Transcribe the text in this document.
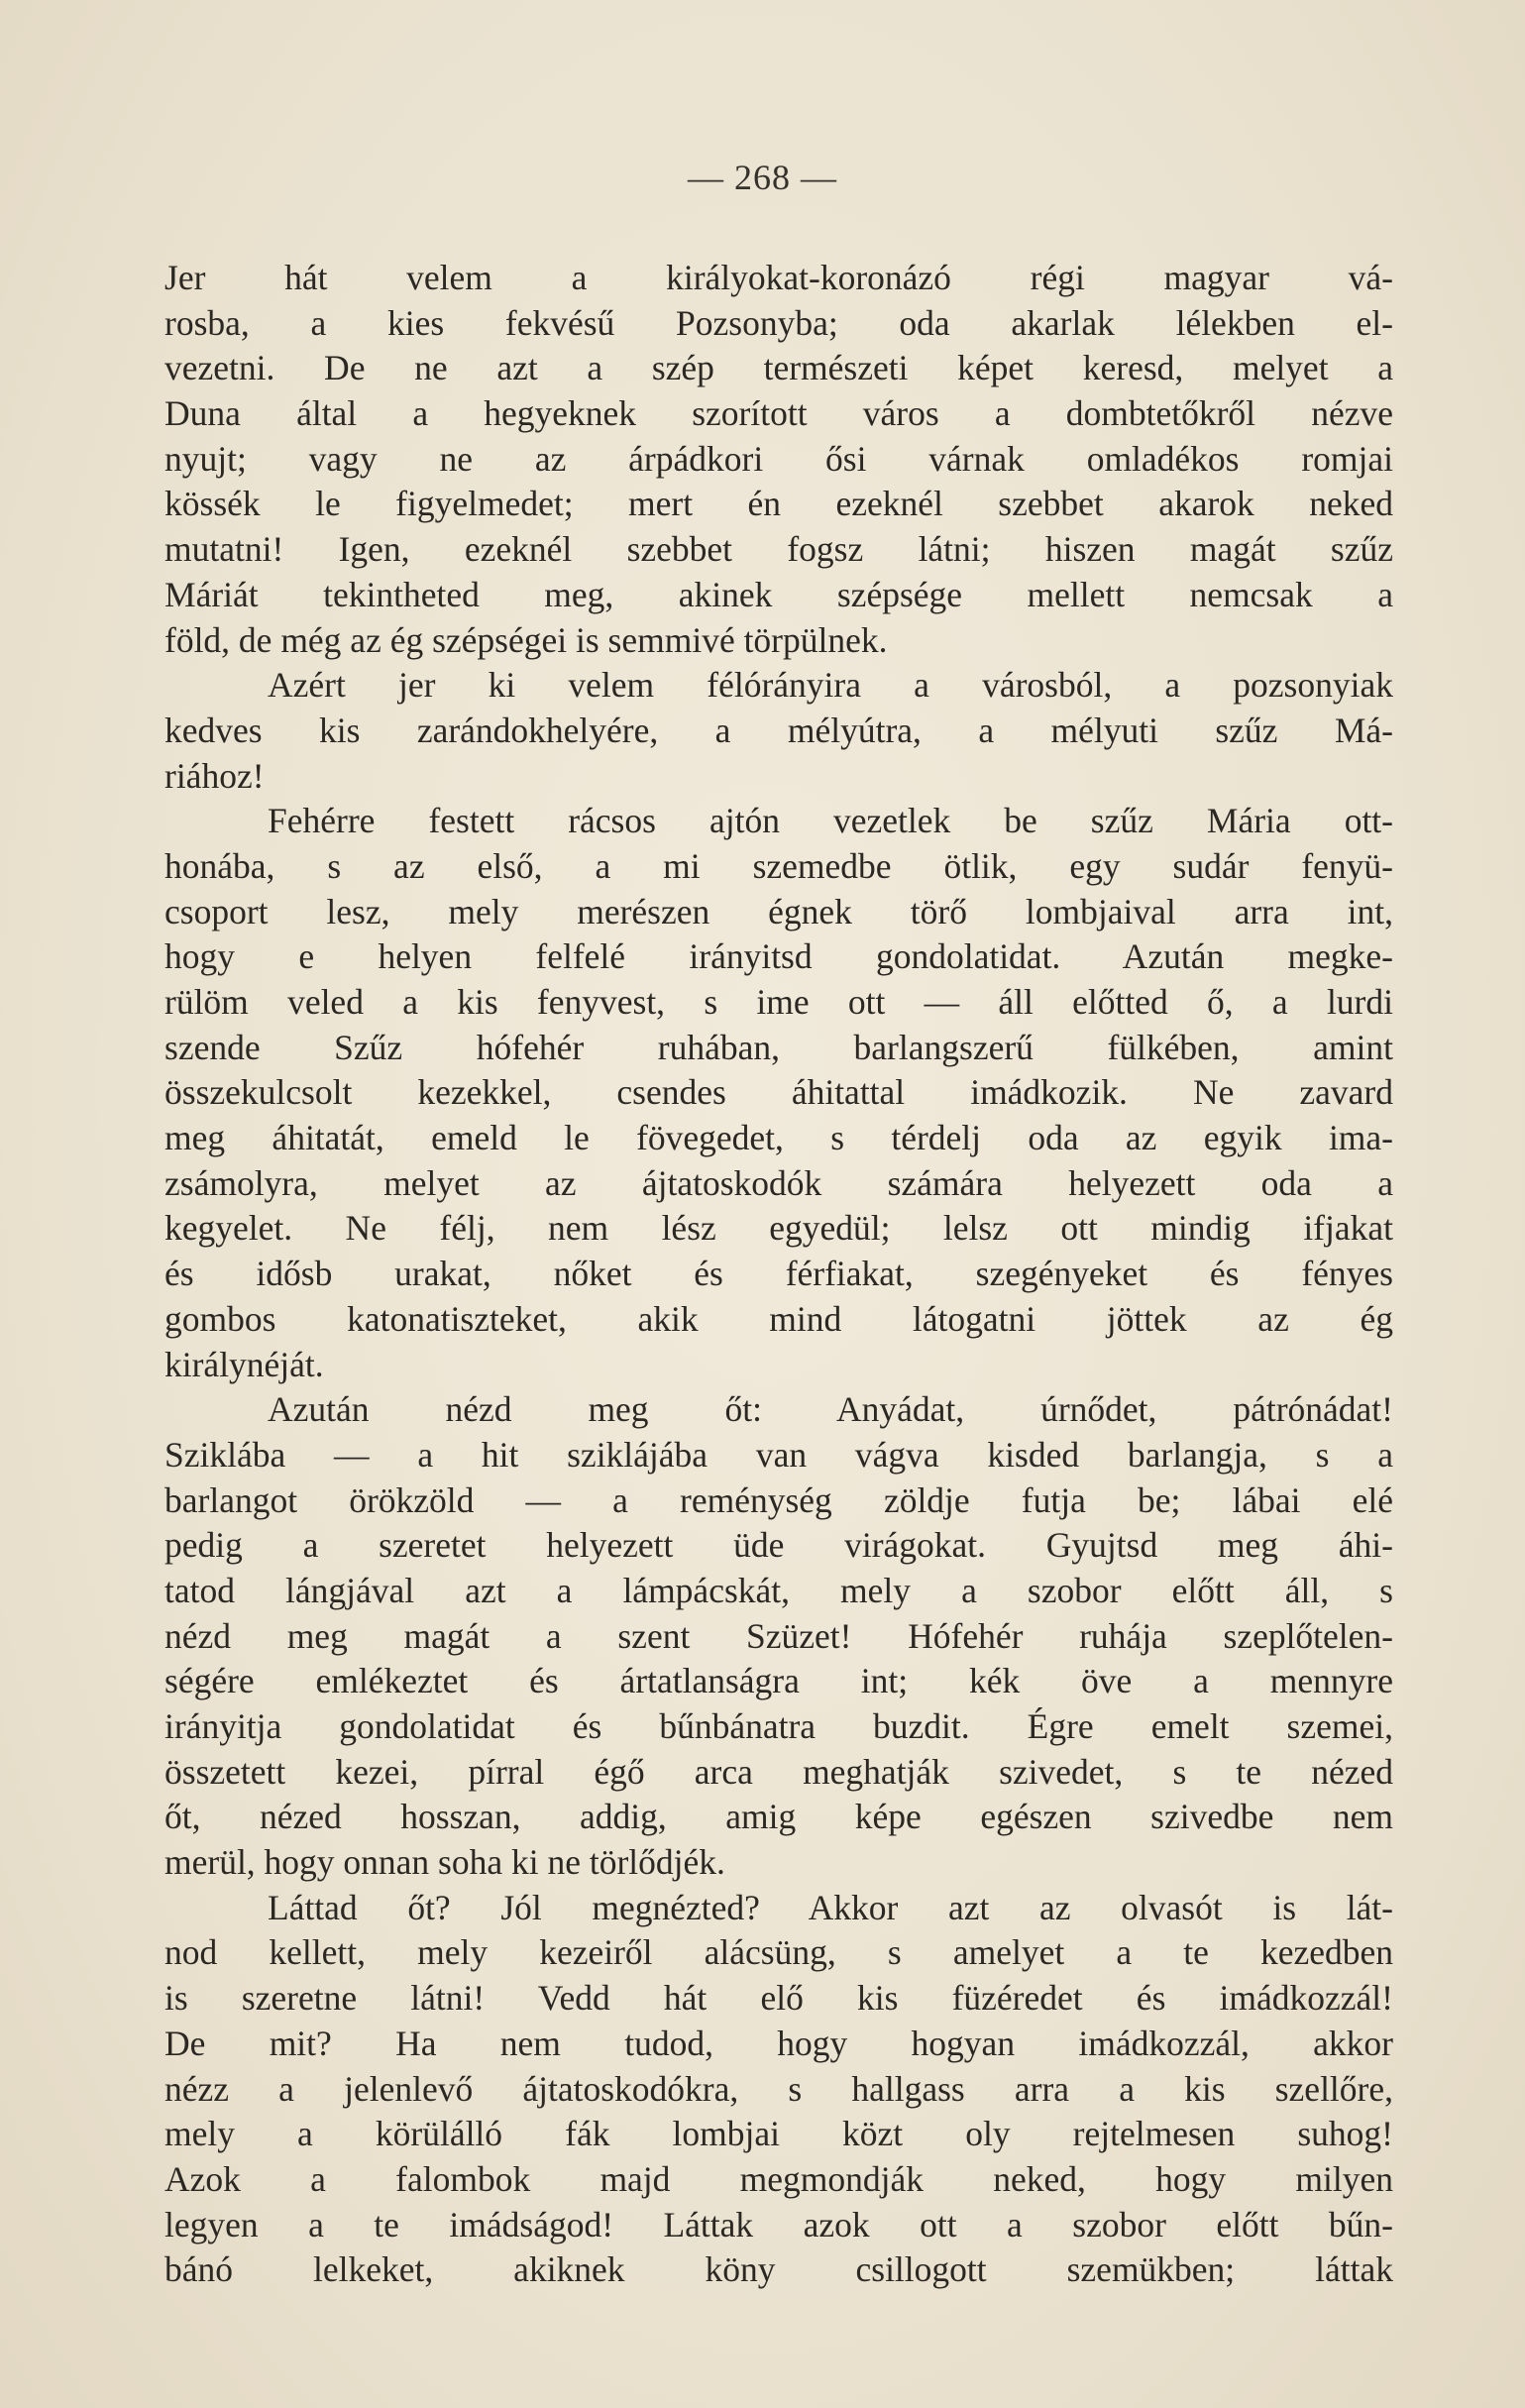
— 268 —
Jer hát velem a királyokat-koronázó régi magyar vá-
rosba, a kies fekvésű Pozsonyba; oda akarlak lélekben el-
vezetni. De ne azt a szép természeti képet keresd, melyet a
Duna által a hegyeknek szorított város a dombtetőkről nézve
nyujt; vagy ne az árpádkori ősi várnak omladékos romjai
kössék le figyelmedet; mert én ezeknél szebbet akarok neked
mutatni! Igen, ezeknél szebbet fogsz látni; hiszen magát szűz
Máriát tekintheted meg, akinek szépsége mellett nemcsak a
föld, de még az ég szépségei is semmivé törpülnek.
Azért jer ki velem félórányira a városból, a pozsonyiak
kedves kis zarándokhelyére, a mélyútra, a mélyuti szűz Má-
riához!
Fehérre festett rácsos ajtón vezetlek be szűz Mária ott-
honába, s az első, a mi szemedbe ötlik, egy sudár fenyü-
csoport lesz, mely merészen égnek törő lombjaival arra int,
hogy e helyen felfelé irányitsd gondolatidat. Azután megke-
rülöm veled a kis fenyvest, s ime ott — áll előtted ő, a lurdi
szende Szűz hófehér ruhában, barlangszerű fülkében, amint
összekulcsolt kezekkel, csendes áhitattal imádkozik. Ne zavard
meg áhitatát, emeld le fövegedet, s térdelj oda az egyik ima-
zsámolyra, melyet az ájtatoskodók számára helyezett oda a
kegyelet. Ne félj, nem lész egyedül; lelsz ott mindig ifjakat
és idősb urakat, nőket és férfiakat, szegényeket és fényes
gombos katonatiszteket, akik mind látogatni jöttek az ég
királynéját.
Azután nézd meg őt: Anyádat, úrnődet, pátrónádat!
Sziklába — a hit sziklájába van vágva kisded barlangja, s a
barlangot örökzöld — a reménység zöldje futja be; lábai elé
pedig a szeretet helyezett üde virágokat. Gyujtsd meg áhi-
tatod lángjával azt a lámpácskát, mely a szobor előtt áll, s
nézd meg magát a szent Szüzet! Hófehér ruhája szeplőtelen-
ségére emlékeztet és ártatlanságra int; kék öve a mennyre
irányitja gondolatidat és bűnbánatra buzdit. Égre emelt szemei,
összetett kezei, pírral égő arca meghatják szivedet, s te nézed
őt, nézed hosszan, addig, amig képe egészen szivedbe nem
merül, hogy onnan soha ki ne törlődjék.
Láttad őt? Jól megnézted? Akkor azt az olvasót is lát-
nod kellett, mely kezeiről alácsüng, s amelyet a te kezedben
is szeretne látni! Vedd hát elő kis füzéredet és imádkozzál!
De mit? Ha nem tudod, hogy hogyan imádkozzál, akkor
nézz a jelenlevő ájtatoskodókra, s hallgass arra a kis szellőre,
mely a körülálló fák lombjai közt oly rejtelmesen suhog!
Azok a falombok majd megmondják neked, hogy milyen
legyen a te imádságod! Láttak azok ott a szobor előtt bűn-
bánó lelkeket, akiknek köny csillogott szemükben; láttak
